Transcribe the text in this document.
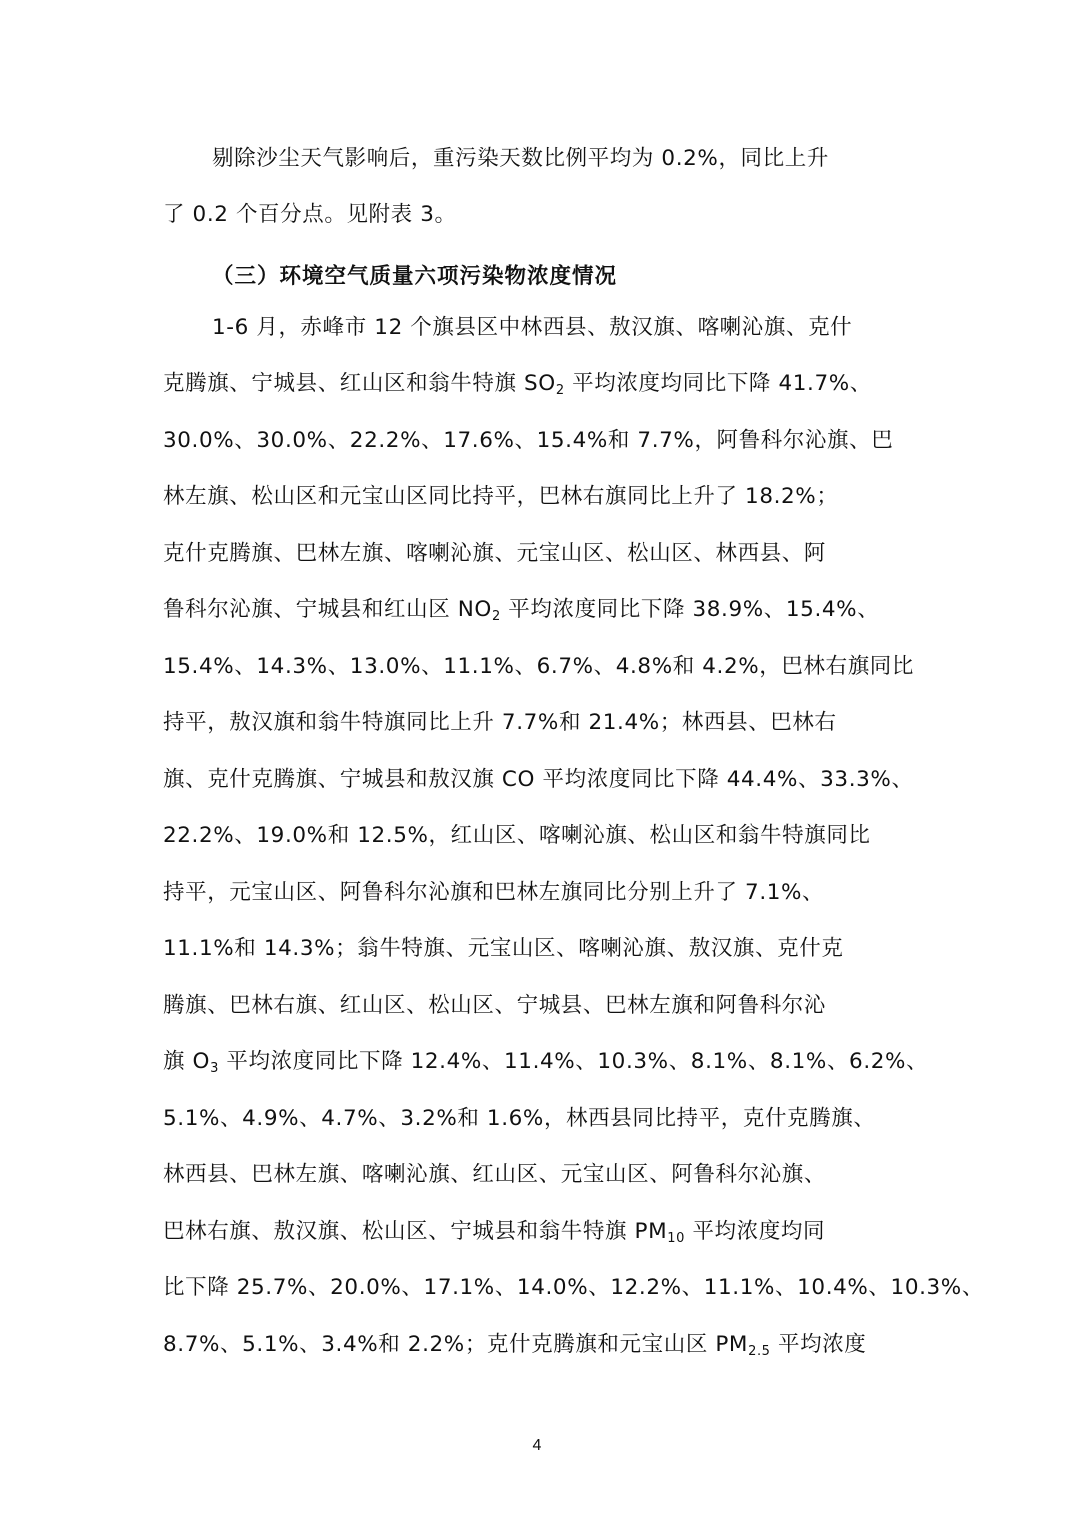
剔除沙尘天气影响后，重污染天数比例平均为 0.2%，同比上升
了 0.2 个百分点。见附表 3。
（三）环境空气质量六项污染物浓度情况
1-6 月，赤峰市 12 个旗县区中林西县、敖汉旗、喀喇沁旗、克什
克腾旗、宁城县、红山区和翁牛特旗 $SO_2$ 平均浓度均同比下降 41.7%、
30.0%、30.0%、22.2%、17.6%、15.4%和 7.7%，阿鲁科尔沁旗、巴
林左旗、松山区和元宝山区同比持平，巴林右旗同比上升了 18.2%；
克什克腾旗、巴林左旗、喀喇沁旗、元宝山区、松山区、林西县、阿
鲁科尔沁旗、宁城县和红山区 $NO_2$ 平均浓度同比下降 38.9%、15.4%、
15.4%、14.3%、13.0%、11.1%、6.7%、4.8%和 4.2%，巴林右旗同比
持平，敖汉旗和翁牛特旗同比上升 7.7%和 21.4%；林西县、巴林右
旗、克什克腾旗、宁城县和敖汉旗 CO 平均浓度同比下降 44.4%、33.3%、
22.2%、19.0%和 12.5%，红山区、喀喇沁旗、松山区和翁牛特旗同比
持平，元宝山区、阿鲁科尔沁旗和巴林左旗同比分别上升了 7.1%、
11.1%和 14.3%；翁牛特旗、元宝山区、喀喇沁旗、敖汉旗、克什克
腾旗、巴林右旗、红山区、松山区、宁城县、巴林左旗和阿鲁科尔沁
旗 $O_3$ 平均浓度同比下降 12.4%、11.4%、10.3%、8.1%、8.1%、6.2%、
5.1%、4.9%、4.7%、3.2%和 1.6%，林西县同比持平，克什克腾旗、
林西县、巴林左旗、喀喇沁旗、红山区、元宝山区、阿鲁科尔沁旗、
巴林右旗、敖汉旗、松山区、宁城县和翁牛特旗 $PM_{10}$ 平均浓度均同
比下降 25.7%、20.0%、17.1%、14.0%、12.2%、11.1%、10.4%、10.3%、
8.7%、5.1%、3.4%和 2.2%；克什克腾旗和元宝山区 $PM_{2.5}$ 平均浓度
4
